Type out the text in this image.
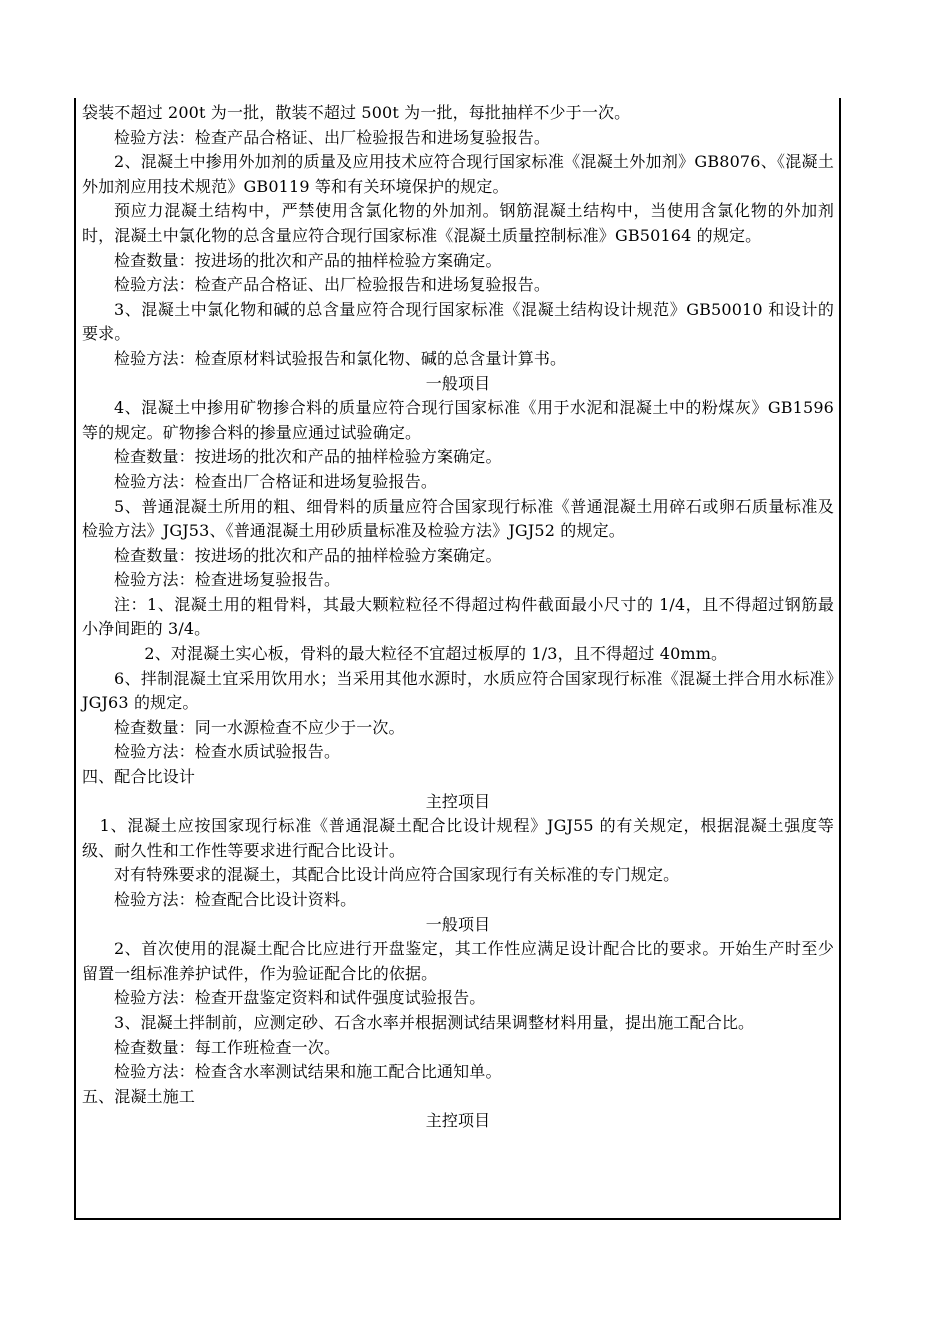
袋装不超过 200t 为一批，散装不超过 500t 为一批，每批抽样不少于一次。

检验方法：检查产品合格证、出厂检验报告和进场复验报告。

2、混凝土中掺用外加剂的质量及应用技术应符合现行国家标准《混凝土外加剂》GB8076、《混凝土外加剂应用技术规范》GB0119 等和有关环境保护的规定。

预应力混凝土结构中，严禁使用含氯化物的外加剂。钢筋混凝土结构中，当使用含氯化物的外加剂时，混凝土中氯化物的总含量应符合现行国家标准《混凝土质量控制标准》GB50164 的规定。

检查数量：按进场的批次和产品的抽样检验方案确定。

检验方法：检查产品合格证、出厂检验报告和进场复验报告。

3、混凝土中氯化物和碱的总含量应符合现行国家标准《混凝土结构设计规范》GB50010 和设计的要求。

检验方法：检查原材料试验报告和氯化物、碱的总含量计算书。

一般项目

4、混凝土中掺用矿物掺合料的质量应符合现行国家标准《用于水泥和混凝土中的粉煤灰》GB1596 等的规定。矿物掺合料的掺量应通过试验确定。

检查数量：按进场的批次和产品的抽样检验方案确定。

检验方法：检查出厂合格证和进场复验报告。

5、普通混凝土所用的粗、细骨料的质量应符合国家现行标准《普通混凝土用碎石或卵石质量标准及检验方法》JGJ53、《普通混凝土用砂质量标准及检验方法》JGJ52 的规定。

检查数量：按进场的批次和产品的抽样检验方案确定。

检验方法：检查进场复验报告。

注：1、混凝土用的粗骨料，其最大颗粒粒径不得超过构件截面最小尺寸的 1/4，且不得超过钢筋最小净间距的 3/4。

2、对混凝土实心板，骨料的最大粒径不宜超过板厚的 1/3，且不得超过 40mm。

6、拌制混凝土宜采用饮用水；当采用其他水源时，水质应符合国家现行标准《混凝土拌合用水标准》JGJ63 的规定。

检查数量：同一水源检查不应少于一次。

检验方法：检查水质试验报告。

四、配合比设计

主控项目

1、混凝土应按国家现行标准《普通混凝土配合比设计规程》JGJ55 的有关规定，根据混凝土强度等级、耐久性和工作性等要求进行配合比设计。

对有特殊要求的混凝土，其配合比设计尚应符合国家现行有关标准的专门规定。

检验方法：检查配合比设计资料。

一般项目

2、首次使用的混凝土配合比应进行开盘鉴定，其工作性应满足设计配合比的要求。开始生产时至少留置一组标准养护试件，作为验证配合比的依据。

检验方法：检查开盘鉴定资料和试件强度试验报告。

3、混凝土拌制前，应测定砂、石含水率并根据测试结果调整材料用量，提出施工配合比。

检查数量：每工作班检查一次。

检验方法：检查含水率测试结果和施工配合比通知单。

五、混凝土施工

主控项目
